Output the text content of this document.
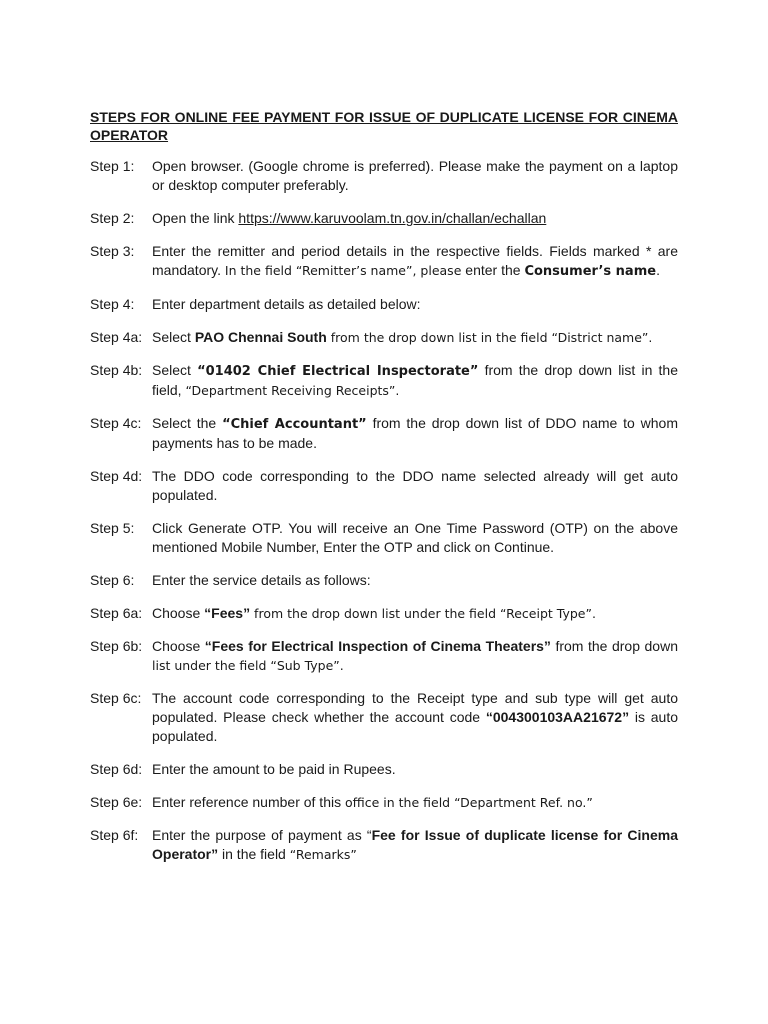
STEPS FOR ONLINE FEE PAYMENT FOR ISSUE OF DUPLICATE LICENSE FOR CINEMA OPERATOR
Step 1:	Open browser. (Google chrome is preferred). Please make the payment on a laptop or desktop computer preferably.
Step 2:	Open the link https://www.karuvoolam.tn.gov.in/challan/echallan
Step 3:	Enter the remitter and period details in the respective fields. Fields marked * are mandatory. In the field “Remitter’s name”, please enter the Consumer’s name.
Step 4:	Enter department details as detailed below:
Step 4a: Select PAO Chennai South from the drop down list in the field “District name”.
Step 4b: Select “01402 Chief Electrical Inspectorate” from the drop down list in the field, “Department Receiving Receipts”.
Step 4c: Select the “Chief Accountant” from the drop down list of DDO name to whom payments has to be made.
Step 4d: The DDO code corresponding to the DDO name selected already will get auto populated.
Step 5:	Click Generate OTP. You will receive an One Time Password (OTP) on the above mentioned Mobile Number, Enter the OTP and click on Continue.
Step 6:	Enter the service details as follows:
Step 6a: Choose “Fees” from the drop down list under the field “Receipt Type”.
Step 6b: Choose “Fees for Electrical Inspection of Cinema Theaters” from the drop down list under the field “Sub Type”.
Step 6c: The account code corresponding to the Receipt type and sub type will get auto populated. Please check whether the account code “004300103AA21672” is auto populated.
Step 6d: Enter the amount to be paid in Rupees.
Step 6e: Enter reference number of this office in the field “Department Ref. no.”
Step 6f: Enter the purpose of payment as “Fee for Issue of duplicate license for Cinema Operator” in the field “Remarks”
